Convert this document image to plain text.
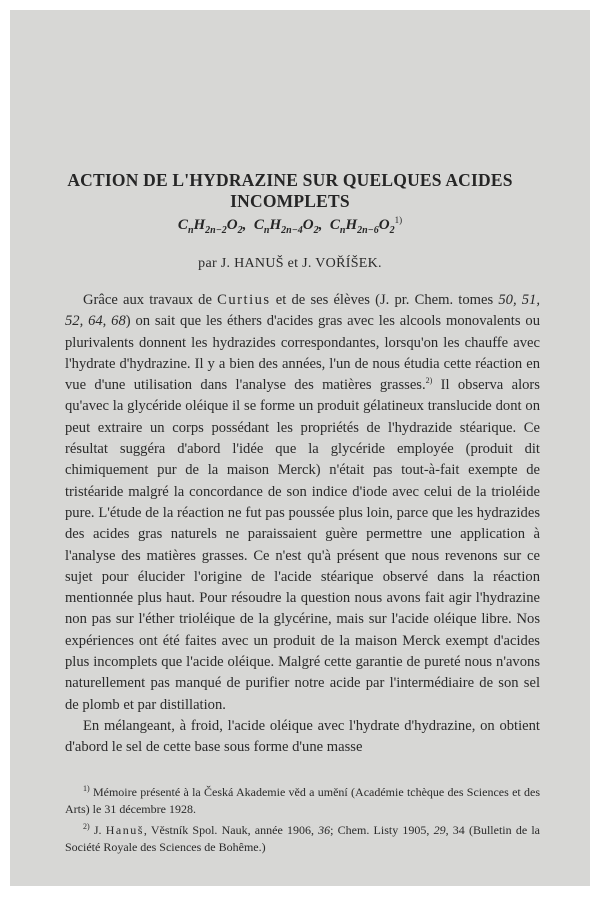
ACTION DE L'HYDRAZINE SUR QUELQUES ACIDES
INCOMPLETS
$C_nH_{2n-2}O_2$, $C_nH_{2n-4}O_2$, $C_nH_{2n-6}O_2^{1)}$
par J. HANUŠ et J. VOŘÍŠEK.

Grâce aux travaux de Curtius et de ses élèves (J. pr. Chem. tomes 50, 51, 52, 64, 68) on sait que les éthers d'acides gras avec les alcools monovalents ou plurivalents donnent les hydrazides correspondantes, lorsqu'on les chauffe avec l'hydrate d'hydrazine. Il y a bien des années, l'un de nous étudia cette réaction en vue d'une utilisation dans l'analyse des matières grasses.$^{2)}$ Il observa alors qu'avec la glycéride oléique il se forme un produit gélatineux translucide dont on peut extraire un corps possédant les propriétés de l'hydrazide stéarique. Ce résultat suggéra d'abord l'idée que la glycéride employée (produit dit chimiquement pur de la maison Merck) n'était pas tout-à-fait exempte de tristéaride malgré la concordance de son indice d'iode avec celui de la trioléide pure. L'étude de la réaction ne fut pas poussée plus loin, parce que les hydrazides des acides gras naturels ne paraissaient guère permettre une application à l'analyse des matières grasses. Ce n'est qu'à présent que nous revenons sur ce sujet pour élucider l'origine de l'acide stéarique observé dans la réaction mentionnée plus haut. Pour résoudre la question nous avons fait agir l'hydrazine non pas sur l'éther trioléique de la glycérine, mais sur l'acide oléique libre. Nos expériences ont été faites avec un produit de la maison Merck exempt d'acides plus incomplets que l'acide oléique. Malgré cette garantie de pureté nous n'avons naturellement pas manqué de purifier notre acide par l'intermédiaire de son sel de plomb et par distillation.

En mélangeant, à froid, l'acide oléique avec l'hydrate d'hydrazine, on obtient d'abord le sel de cette base sous forme d'une masse

$^{1)}$ Mémoire présenté à la Česká Akademie věd a umění (Académie tchèque des Sciences et des Arts) le 31 décembre 1928.

$^{2)}$ J. Hanuš, Věstník Spol. Nauk, année 1906, 36; Chem. Listy 1905, 29, 34 (Bulletin de la Société Royale des Sciences de Bohême.)
